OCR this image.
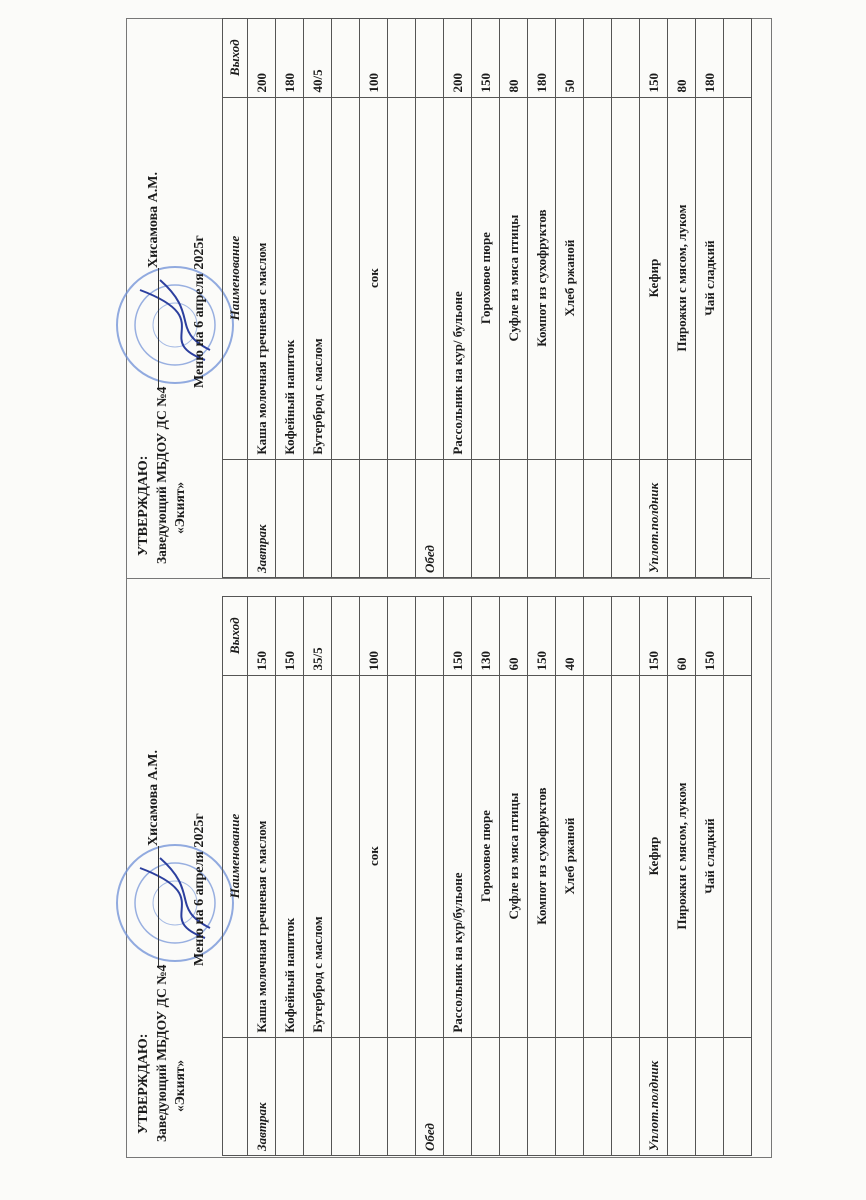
УТВЕРЖДАЮ: Заведующий МБДОУ ДС №4 «Экият»
Хисамова А.М.
Меню на 6 апреля 2025г
	Наименование	Выход
Завтрак	Каша молочная гречневая с маслом	150
	Кофейный напиток	150
	Бутерброд с маслом	35/5

	сок	100

Обед		
	Рассольник на кур/бульоне	150
	Гороховое пюре	130
	Суфле из мяса птицы	60
	Компот из сухофруктов	150
	Хлеб ржаной	40

Уплот.полдник	Кефир	150
	Пирожки с мясом, луком	60
	Чай сладкий	150

УТВЕРЖДАЮ: Заведующий МБДОУ ДС №4 «Экият»
Хисамова А.М.
Меню на 6 апреля 2025г
	Наименование	Выход
Завтрак	Каша молочная гречневая с маслом	200
	Кофейный напиток	180
	Бутерброд с маслом	40/5

	сок	100

Обед		
	Рассольник на кур/ бульоне	200
	Гороховое пюре	150
	Суфле из мяса птицы	80
	Компот из сухофруктов	180
	Хлеб ржаной	50

Уплот.полдник	Кефир	150
	Пирожки с мясом, луком	80
	Чай сладкий	180
